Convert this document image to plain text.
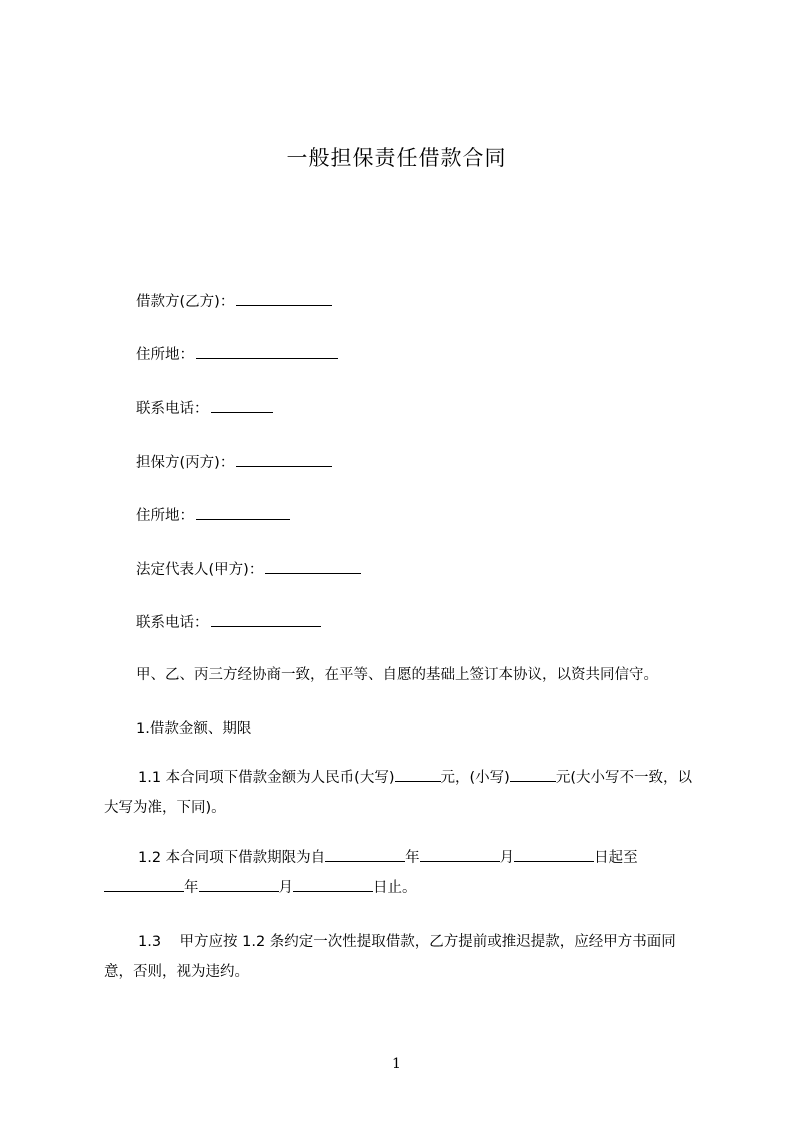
一般担保责任借款合同
借款方(乙方)：
住所地：
联系电话：
担保方(丙方)：
住所地：
法定代表人(甲方)：
联系电话：
甲、乙、丙三方经协商一致，在平等、自愿的基础上签订本协议，以资共同信守。
1.借款金额、期限
1.1 本合同项下借款金额为人民币(大写)	元，(小写)	元(大小写不一致，以大写为准，下同)。
1.2 本合同项下借款期限为自	年	月	日起至年	月	日止。
1.3 甲方应按 1.2 条约定一次性提取借款，乙方提前或推迟提款，应经甲方书面同意，否则，视为违约。
1
